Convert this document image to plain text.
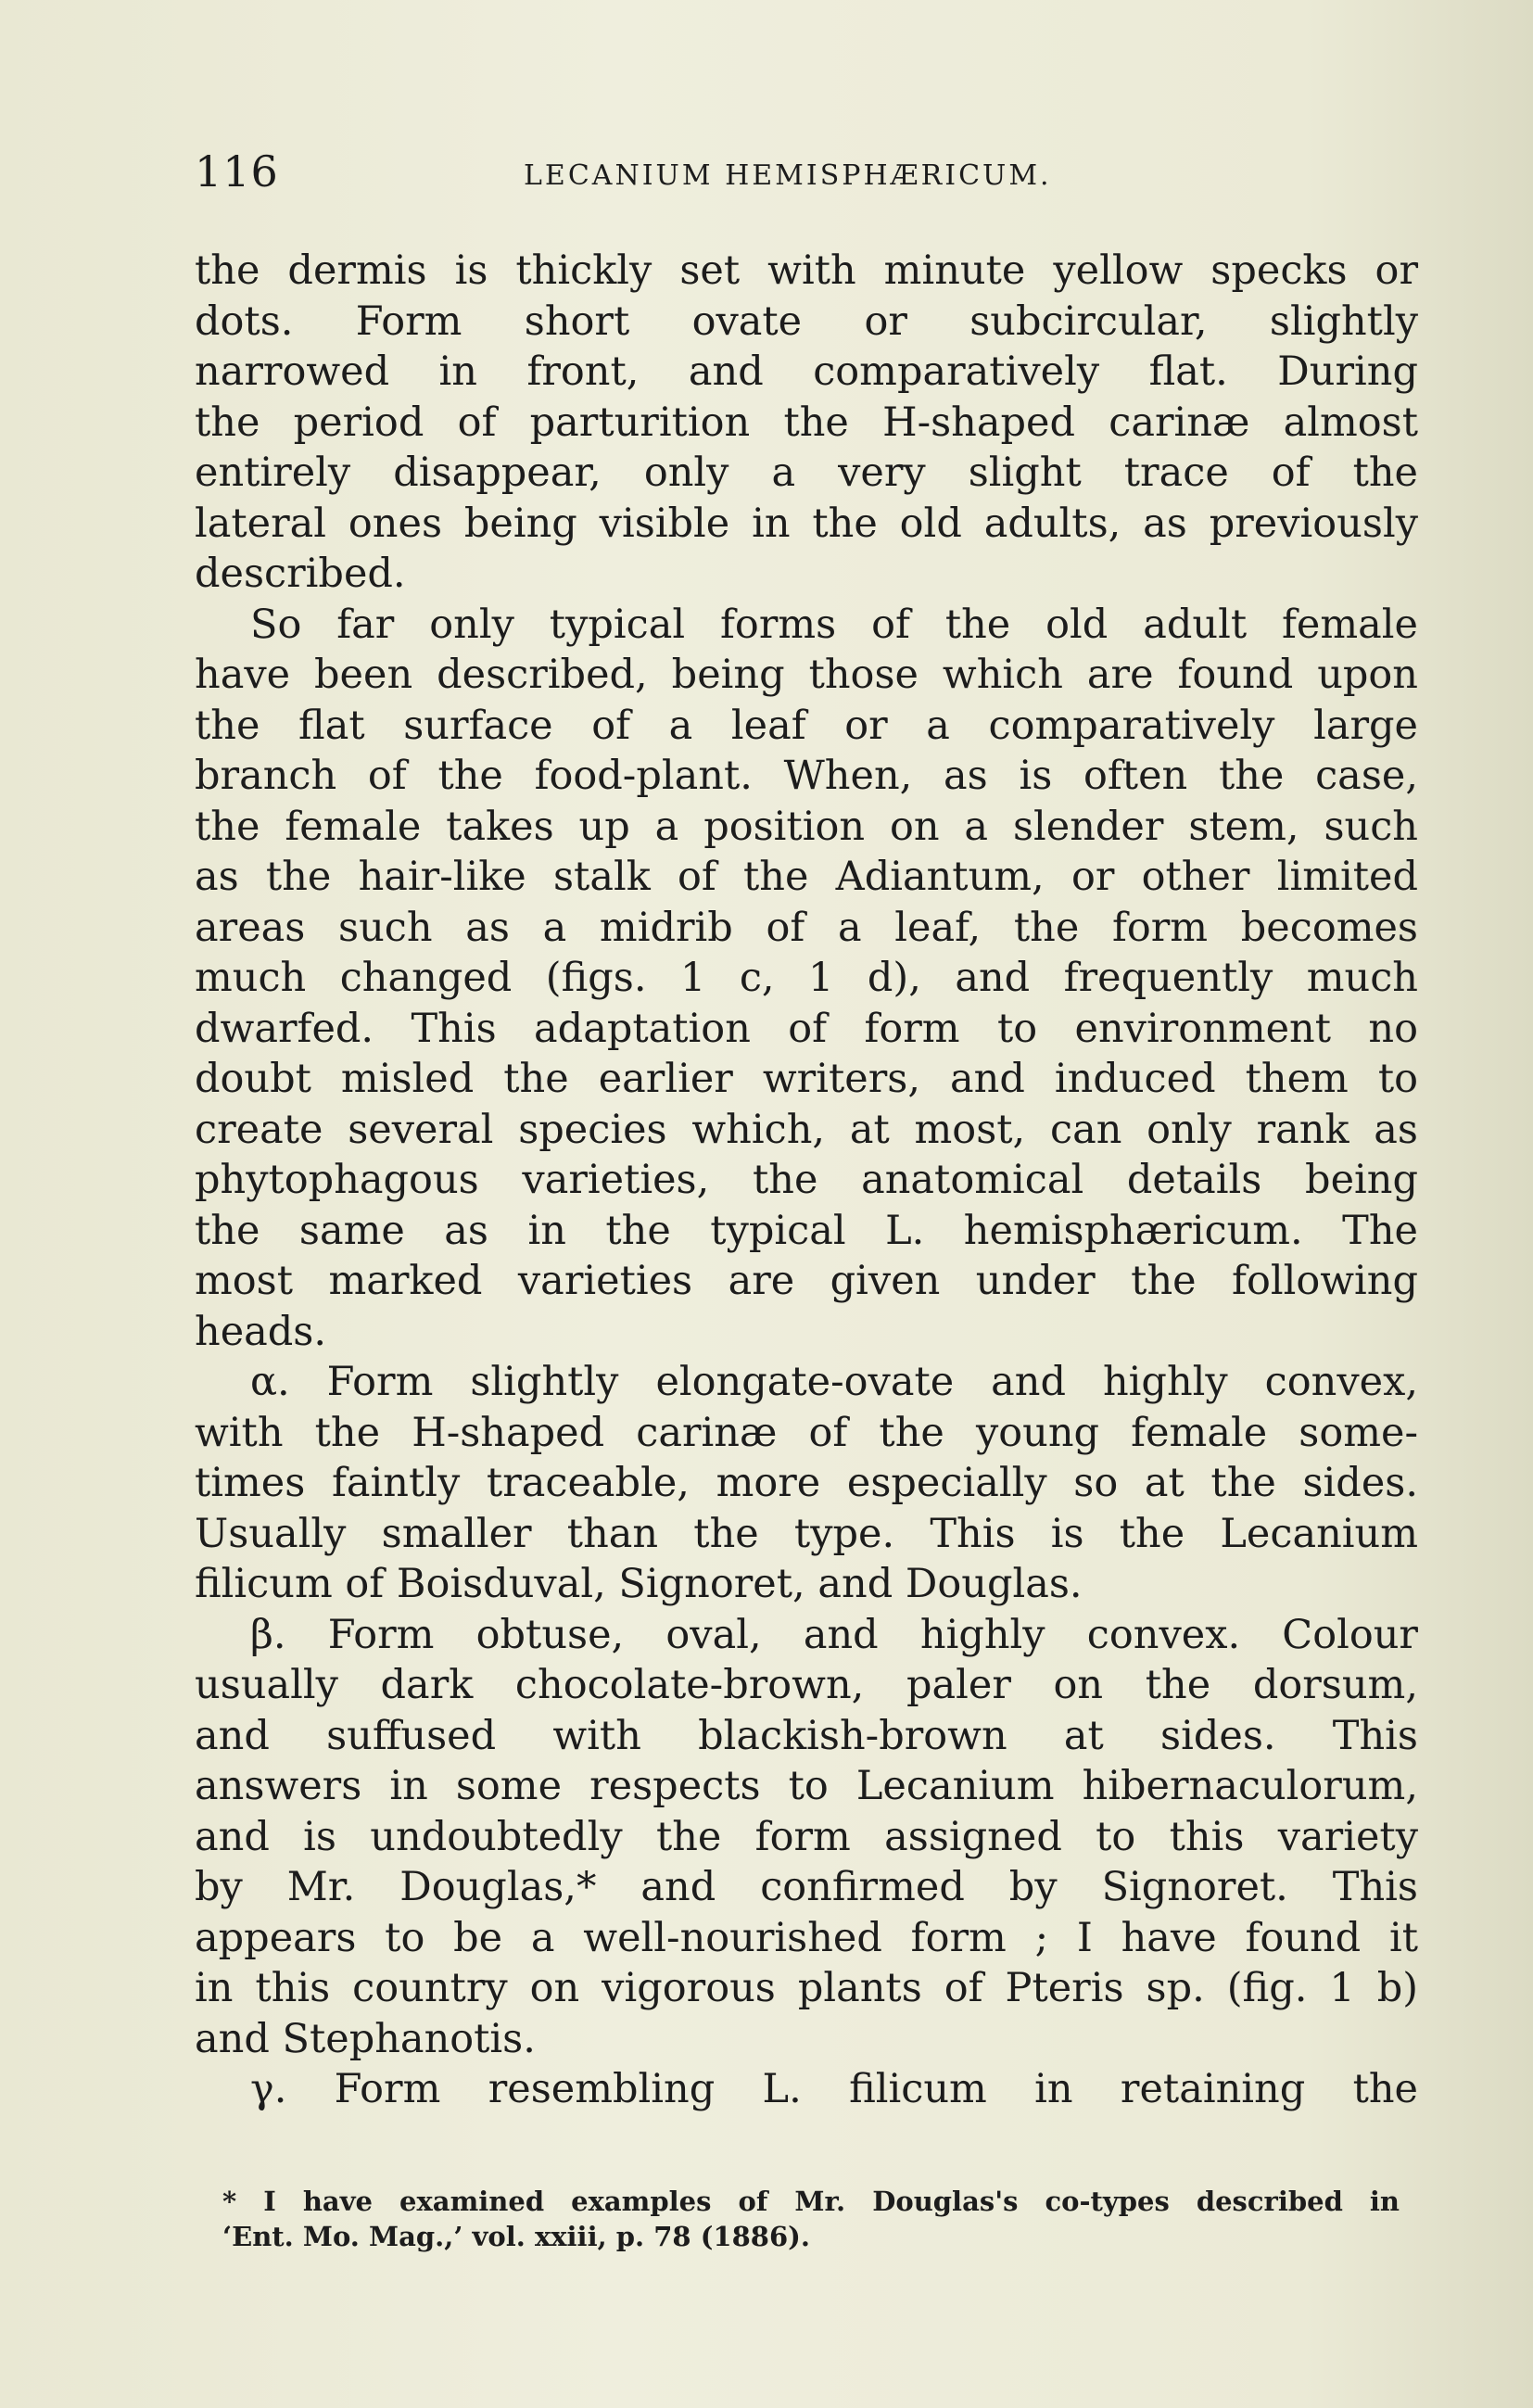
116	LECANIUM HEMISPHÆRICUM.
the dermis is thickly set with minute yellow specks or
dots. Form short ovate or subcircular, slightly
narrowed in front, and comparatively flat. During
the period of parturition the H-shaped carinæ almost
entirely disappear, only a very slight trace of the
lateral ones being visible in the old adults, as previously
described.
So far only typical forms of the old adult female
have been described, being those which are found upon
the flat surface of a leaf or a comparatively large
branch of the food-plant. When, as is often the case,
the female takes up a position on a slender stem, such
as the hair-like stalk of the Adiantum, or other limited
areas such as a midrib of a leaf, the form becomes
much changed (figs. 1 c, 1 d), and frequently much
dwarfed. This adaptation of form to environment no
doubt misled the earlier writers, and induced them to
create several species which, at most, can only rank as
phytophagous varieties, the anatomical details being
the same as in the typical L. hemisphæricum. The
most marked varieties are given under the following
heads.
α. Form slightly elongate-ovate and highly convex,
with the H-shaped carinæ of the young female some-
times faintly traceable, more especially so at the sides.
Usually smaller than the type. This is the Lecanium
filicum of Boisduval, Signoret, and Douglas.
β. Form obtuse, oval, and highly convex. Colour
usually dark chocolate-brown, paler on the dorsum,
and suffused with blackish-brown at sides. This
answers in some respects to Lecanium hibernaculorum,
and is undoubtedly the form assigned to this variety
by Mr. Douglas,* and confirmed by Signoret. This
appears to be a well-nourished form ; I have found it
in this country on vigorous plants of Pteris sp. (fig. 1 b)
and Stephanotis.
γ. Form resembling L. filicum in retaining the
* I have examined examples of Mr. Douglas's co-types described in
‘Ent. Mo. Mag.,’ vol. xxiii, p. 78 (1886).
